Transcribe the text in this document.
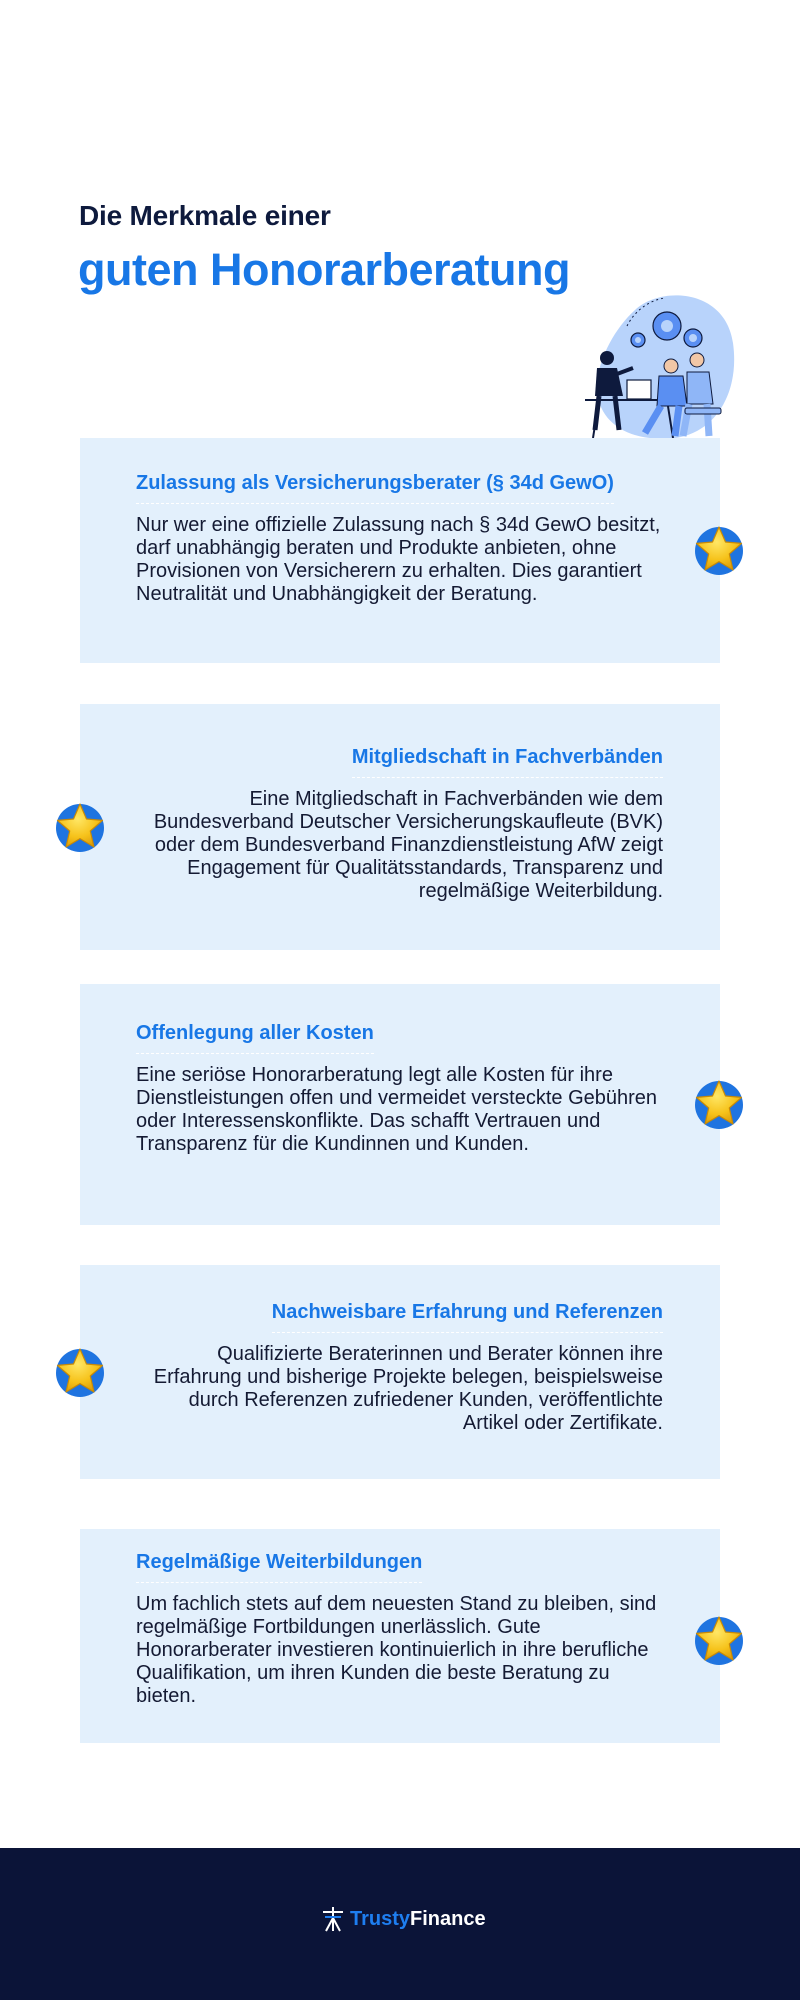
Die Merkmale einer
guten Honorarberatung
Zulassung als Versicherungsberater (§ 34d GewO)

Nur wer eine offizielle Zulassung nach § 34d GewO besitzt, darf unabhängig beraten und Produkte anbieten, ohne Provisionen von Versicherern zu erhalten. Dies garantiert Neutralität und Unabhängigkeit der Beratung.

Mitgliedschaft in Fachverbänden

Eine Mitgliedschaft in Fachverbänden wie dem Bundesverband Deutscher Versicherungskaufleute (BVK) oder dem Bundesverband Finanzdienstleistung AfW zeigt Engagement für Qualitätsstandards, Transparenz und regelmäßige Weiterbildung.

Offenlegung aller Kosten

Eine seriöse Honorarberatung legt alle Kosten für ihre Dienstleistungen offen und vermeidet versteckte Gebühren oder Interessenskonflikte. Das schafft Vertrauen und Transparenz für die Kundinnen und Kunden.

Nachweisbare Erfahrung und Referenzen

Qualifizierte Beraterinnen und Berater können ihre Erfahrung und bisherige Projekte belegen, beispielsweise durch Referenzen zufriedener Kunden, veröffentlichte Artikel oder Zertifikate.

Regelmäßige Weiterbildungen

Um fachlich stets auf dem neuesten Stand zu bleiben, sind regelmäßige Fortbildungen unerlässlich. Gute Honorarberater investieren kontinuierlich in ihre berufliche Qualifikation, um ihren Kunden die beste Beratung zu bieten.

Trusty Finance
